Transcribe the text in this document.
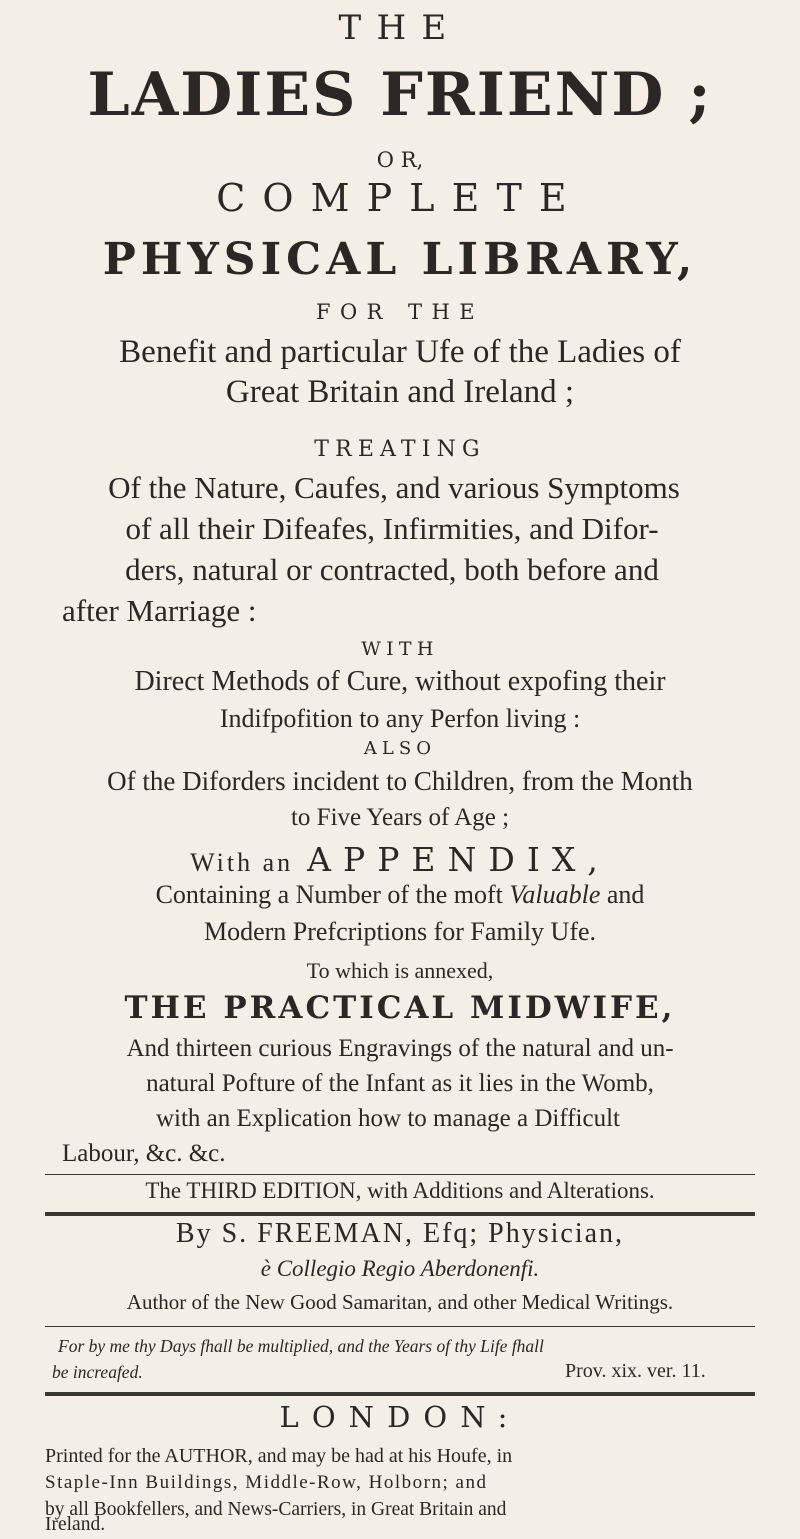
THE
LADIES FRIEND ;
O R,
COMPLETE
PHYSICAL LIBRARY,
FOR THE
Benefit and particular Ufe of the Ladies of
Great Britain and Ireland ;
TREATING
Of the Nature, Caufes, and various Symptoms
of all their Difeafes, Infirmities, and Difor-
ders, natural or contracted, both before and
after Marriage :
WITH
Direct Methods of Cure, without expofing their
Indifpofition to any Perfon living :
ALSO
Of the Diforders incident to Children, from the Month
to Five Years of Age ;
With an APPENDIX,
Containing a Number of the moft Valuable and
Modern Prefcriptions for Family Ufe.
To which is annexed,
THE PRACTICAL MIDWIFE,
And thirteen curious Engravings of the natural and un-
natural Pofture of the Infant as it lies in the Womb,
with an Explication how to manage a Difficult
Labour, &c. &c.
The THIRD EDITION, with Additions and Alterations.
By S. FREEMAN, Efq; Physician,
è Collegio Regio Aberdonenfi.
Author of the New Good Samaritan, and other Medical Writings.
For by me thy Days fhall be multiplied, and the Years of thy Life fhall
be increafed.	Prov. xix. ver. 11.
LONDON:
Printed for the AUTHOR, and may be had at his Houfe, in
Staple-Inn Buildings, Middle-Row, Holborn; and
by all Bookfellers, and News-Carriers, in Great Britain and
Ireland.
